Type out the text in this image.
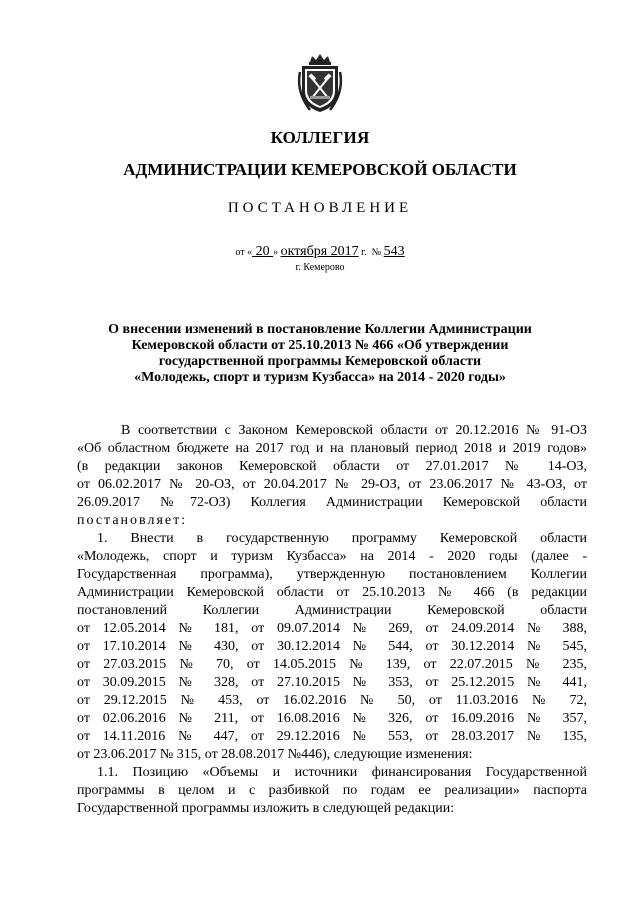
КОЛЛЕГИЯ
АДМИНИСТРАЦИИ КЕМЕРОВСКОЙ ОБЛАСТИ
ПОСТАНОВЛЕНИЕ
от « 20 » октября 2017 г. № 543
г. Кемерово
О внесении изменений в постановление Коллегии Администрации
Кемеровской области от 25.10.2013 № 466 «Об утверждении
государственной программы Кемеровской области
«Молодежь, спорт и туризм Кузбасса» на 2014 - 2020 годы»
В соответствии с Законом Кемеровской области от 20.12.2016 № 91-ОЗ
«Об областном бюджете на 2017 год и на плановый период 2018 и 2019 годов»
(в редакции законов Кемеровской области от 27.01.2017 № 14-ОЗ,
от 06.02.2017 № 20-ОЗ, от 20.04.2017 № 29-ОЗ, от 23.06.2017 № 43-ОЗ, от
26.09.2017 №72-ОЗ) Коллегия Администрации Кемеровской области
постановляет:
1. Внести в государственную программу Кемеровской области
«Молодежь, спорт и туризм Кузбасса» на 2014 - 2020 годы (далее -
Государственная программа), утвержденную постановлением Коллегии
Администрации Кемеровской области от 25.10.2013 № 466 (в редакции
постановлений Коллегии Администрации Кемеровской области
от 12.05.2014 № 181, от 09.07.2014 № 269, от 24.09.2014 № 388,
от 17.10.2014 № 430, от 30.12.2014 № 544, от 30.12.2014 № 545,
от 27.03.2015 № 70, от 14.05.2015 № 139, от 22.07.2015 № 235,
от 30.09.2015 № 328, от 27.10.2015 № 353, от 25.12.2015 № 441,
от 29.12.2015 № 453, от 16.02.2016 № 50, от 11.03.2016 № 72,
от 02.06.2016 № 211, от 16.08.2016 № 326, от 16.09.2016 № 357,
от 14.11.2016 № 447, от 29.12.2016 № 553, от 28.03.2017 № 135,
от 23.06.2017 № 315, от 28.08.2017 №446), следующие изменения:
1.1. Позицию «Объемы и источники финансирования Государственной
программы в целом и с разбивкой по годам ее реализации» паспорта
Государственной программы изложить в следующей редакции:
